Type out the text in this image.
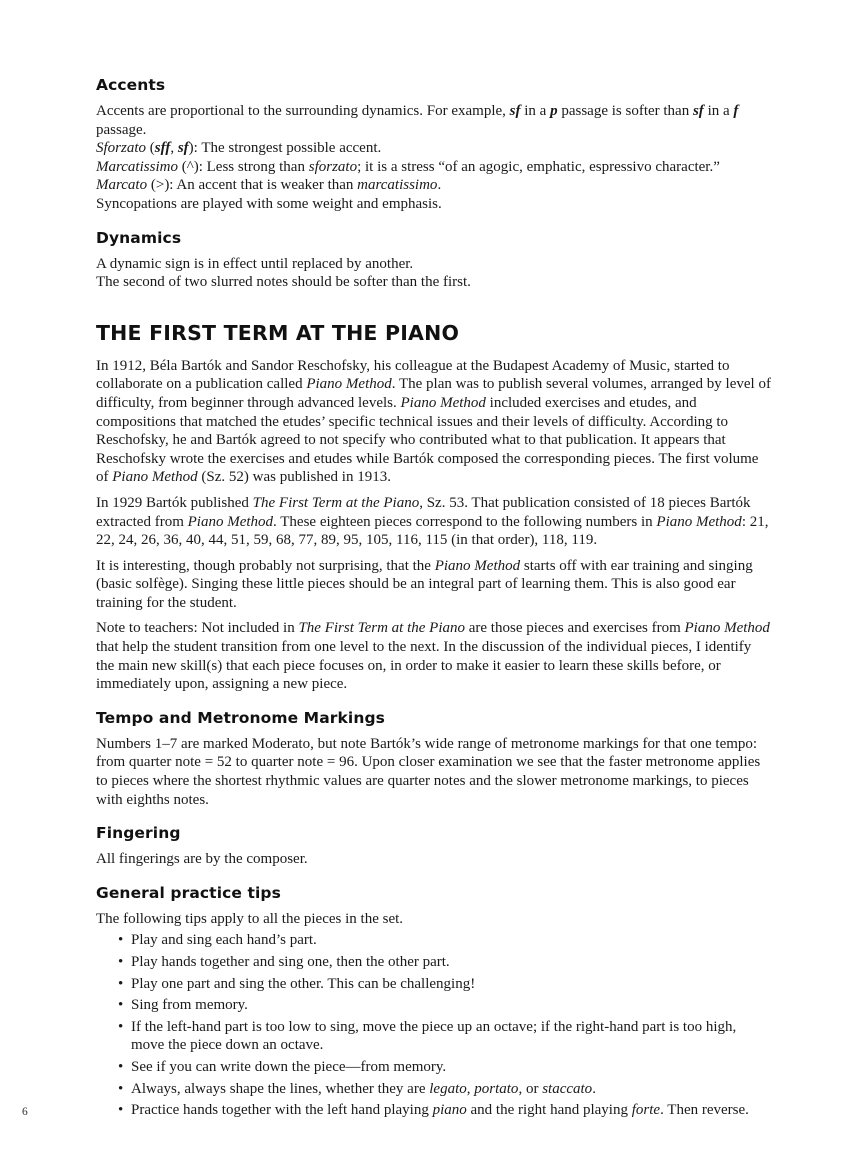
Accents

Accents are proportional to the surrounding dynamics. For example, sf in a p passage is softer than sf in a f passage.

Sforzato (sff, sf): The strongest possible accent.

Marcatissimo (^): Less strong than sforzato; it is a stress “of an agogic, emphatic, espressivo character.”

Marcato (>): An accent that is weaker than marcatissimo.

Syncopations are played with some weight and emphasis.

Dynamics

A dynamic sign is in effect until replaced by another.

The second of two slurred notes should be softer than the first.

THE FIRST TERM AT THE PIANO

In 1912, Béla Bartók and Sandor Reschofsky, his colleague at the Budapest Academy of Music, started to collaborate on a publication called Piano Method. The plan was to publish several volumes, arranged by level of difficulty, from beginner through advanced levels. Piano Method included exercises and etudes, and compositions that matched the etudes’ specific technical issues and their levels of difficulty. According to Reschofsky, he and Bartók agreed to not specify who contributed what to that publication. It appears that Reschofsky wrote the exercises and etudes while Bartók composed the corresponding pieces. The first volume of Piano Method (Sz. 52) was published in 1913.

In 1929 Bartók published The First Term at the Piano, Sz. 53. That publication consisted of 18 pieces Bartók extracted from Piano Method. These eighteen pieces correspond to the following numbers in Piano Method: 21, 22, 24, 26, 36, 40, 44, 51, 59, 68, 77, 89, 95, 105, 116, 115 (in that order), 118, 119.

It is interesting, though probably not surprising, that the Piano Method starts off with ear training and singing (basic solfège). Singing these little pieces should be an integral part of learning them. This is also good ear training for the student.

Note to teachers: Not included in The First Term at the Piano are those pieces and exercises from Piano Method that help the student transition from one level to the next. In the discussion of the individual pieces, I identify the main new skill(s) that each piece focuses on, in order to make it easier to learn these skills before, or immediately upon, assigning a new piece.

Tempo and Metronome Markings

Numbers 1–7 are marked Moderato, but note Bartók’s wide range of metronome markings for that one tempo: from quarter note = 52 to quarter note = 96. Upon closer examination we see that the faster metronome applies to pieces where the shortest rhythmic values are quarter notes and the slower metronome markings, to pieces with eighths notes.

Fingering

All fingerings are by the composer.

General practice tips

The following tips apply to all the pieces in the set.

• Play and sing each hand’s part.
• Play hands together and sing one, then the other part.
• Play one part and sing the other. This can be challenging!
• Sing from memory.
• If the left-hand part is too low to sing, move the piece up an octave; if the right-hand part is too high, move the piece down an octave.
• See if you can write down the piece—from memory.
• Always, always shape the lines, whether they are legato, portato, or staccato.
• Practice hands together with the left hand playing piano and the right hand playing forte. Then reverse.
6
